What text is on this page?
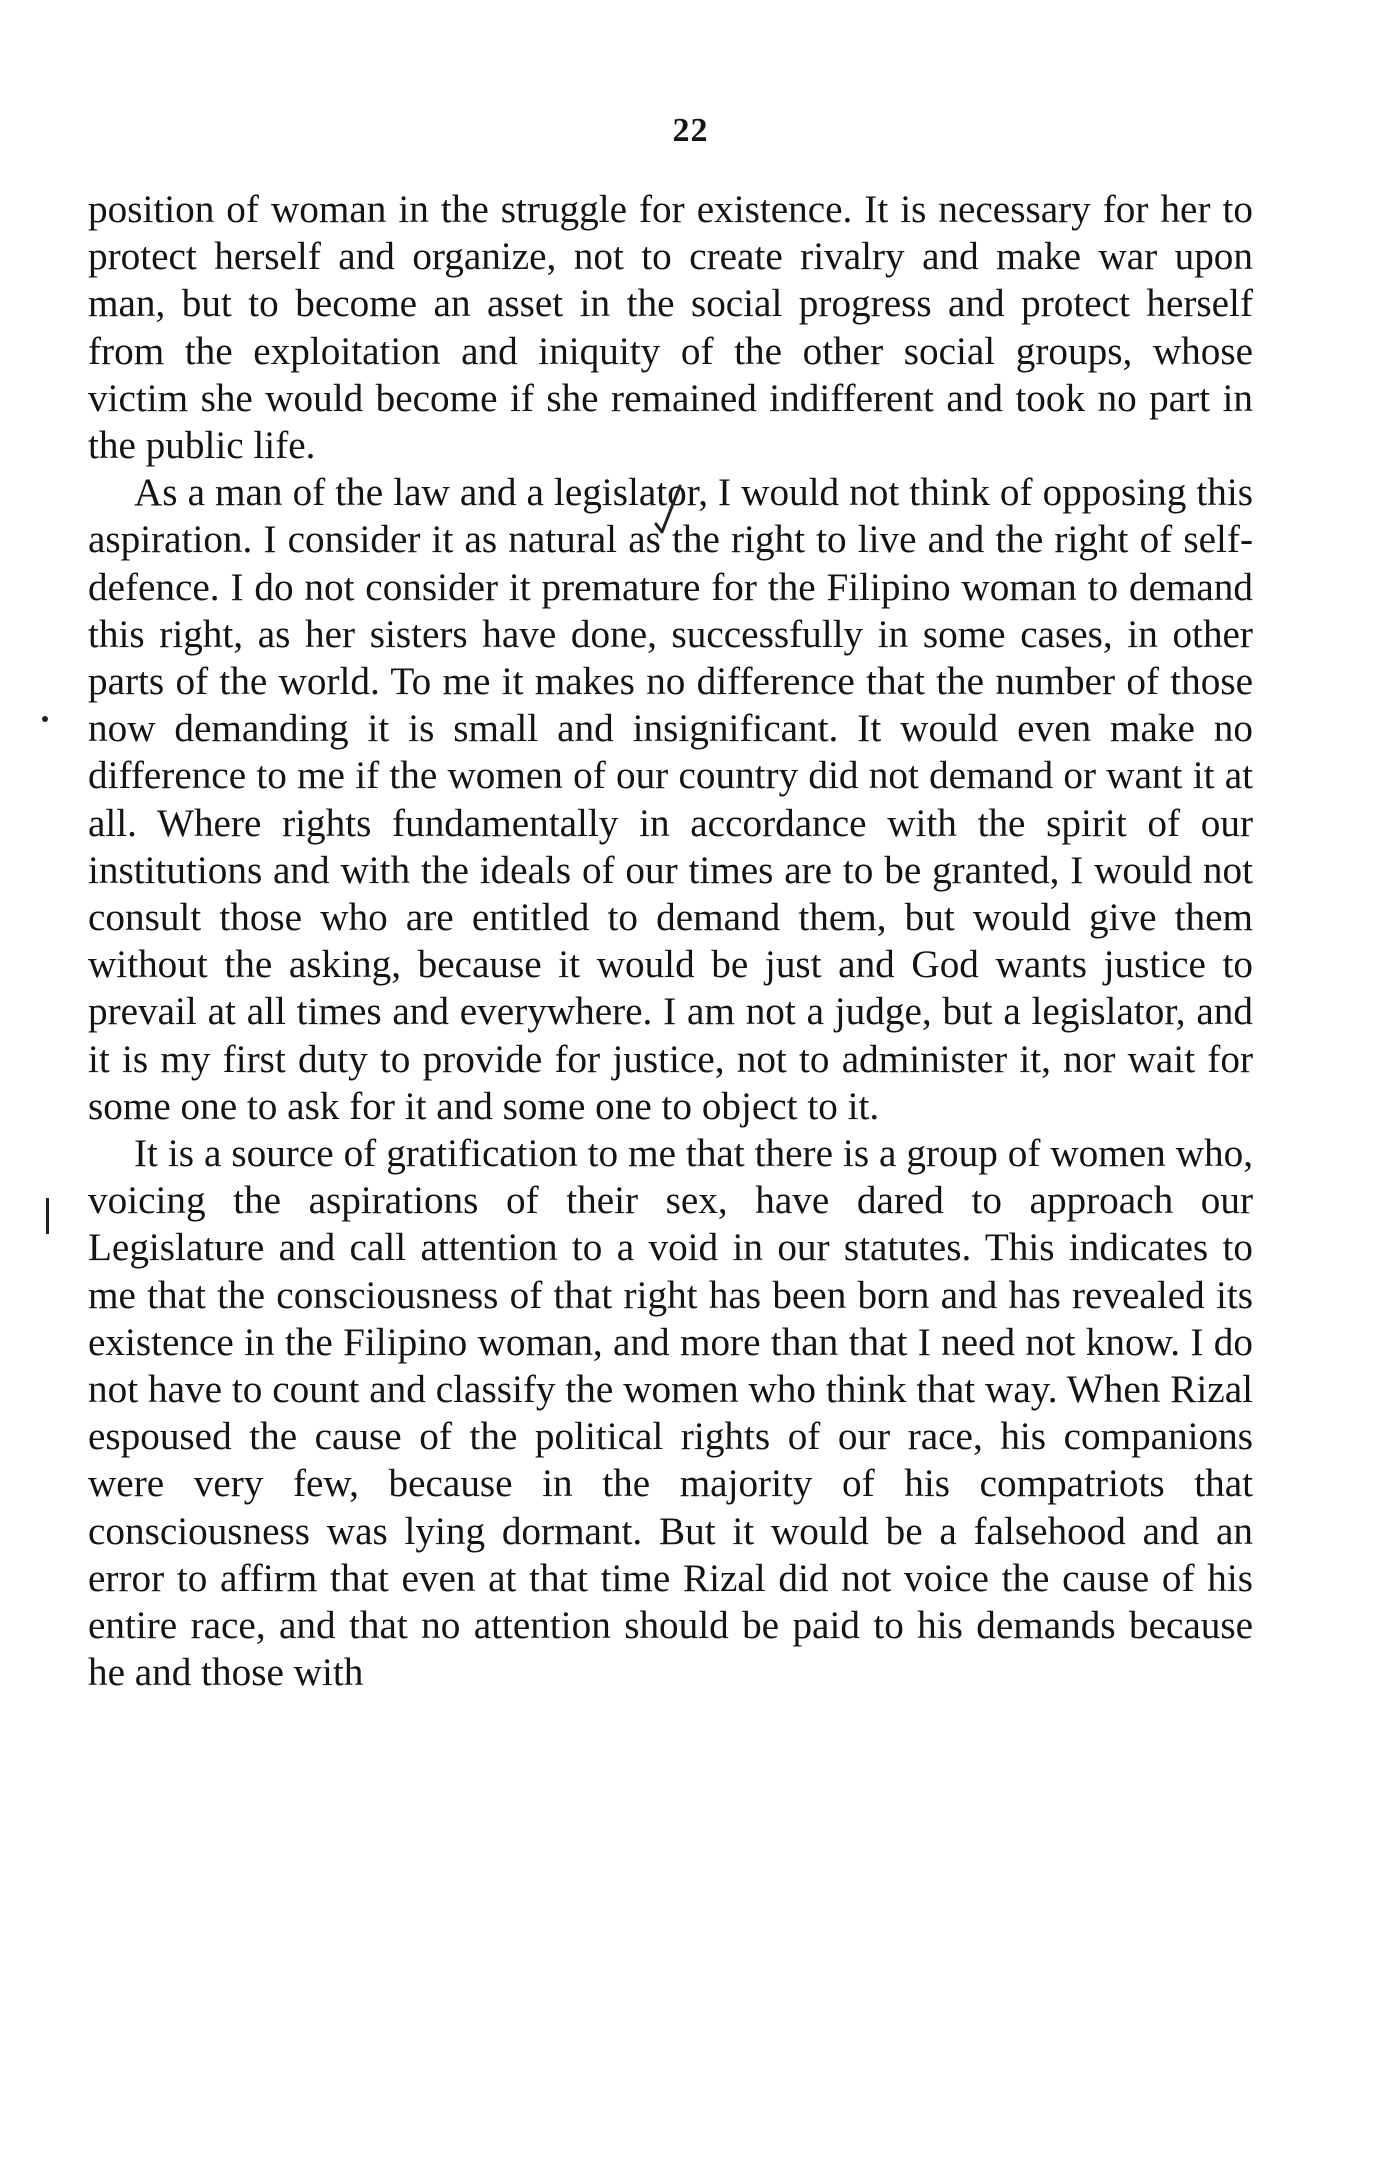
22

position of woman in the struggle for existence. It is necessary for her to protect herself and organize, not to create rivalry and make war upon man, but to become an asset in the social progress and protect herself from the exploitation and iniquity of the other social groups, whose victim she would become if she remained indifferent and took no part in the public life.

As a man of the law and a legislator, I would not think of opposing this aspiration. I consider it as natural as the right to live and the right of self-defence. I do not consider it premature for the Filipino woman to demand this right, as her sisters have done, successfully in some cases, in other parts of the world. To me it makes no difference that the number of those now demanding it is small and insignificant. It would even make no difference to me if the women of our country did not demand or want it at all. Where rights fundamentally in accordance with the spirit of our institutions and with the ideals of our times are to be granted, I would not consult those who are entitled to demand them, but would give them without the asking, because it would be just and God wants justice to prevail at all times and everywhere. I am not a judge, but a legislator, and it is my first duty to provide for justice, not to administer it, nor wait for some one to ask for it and some one to object to it.

It is a source of gratification to me that there is a group of women who, voicing the aspirations of their sex, have dared to approach our Legislature and call attention to a void in our statutes. This indicates to me that the consciousness of that right has been born and has revealed its existence in the Filipino woman, and more than that I need not know. I do not have to count and classify the women who think that way. When Rizal espoused the cause of the political rights of our race, his companions were very few, because in the majority of his compatriots that consciousness was lying dormant. But it would be a falsehood and an error to affirm that even at that time Rizal did not voice the cause of his entire race, and that no attention should be paid to his demands because he and those with
